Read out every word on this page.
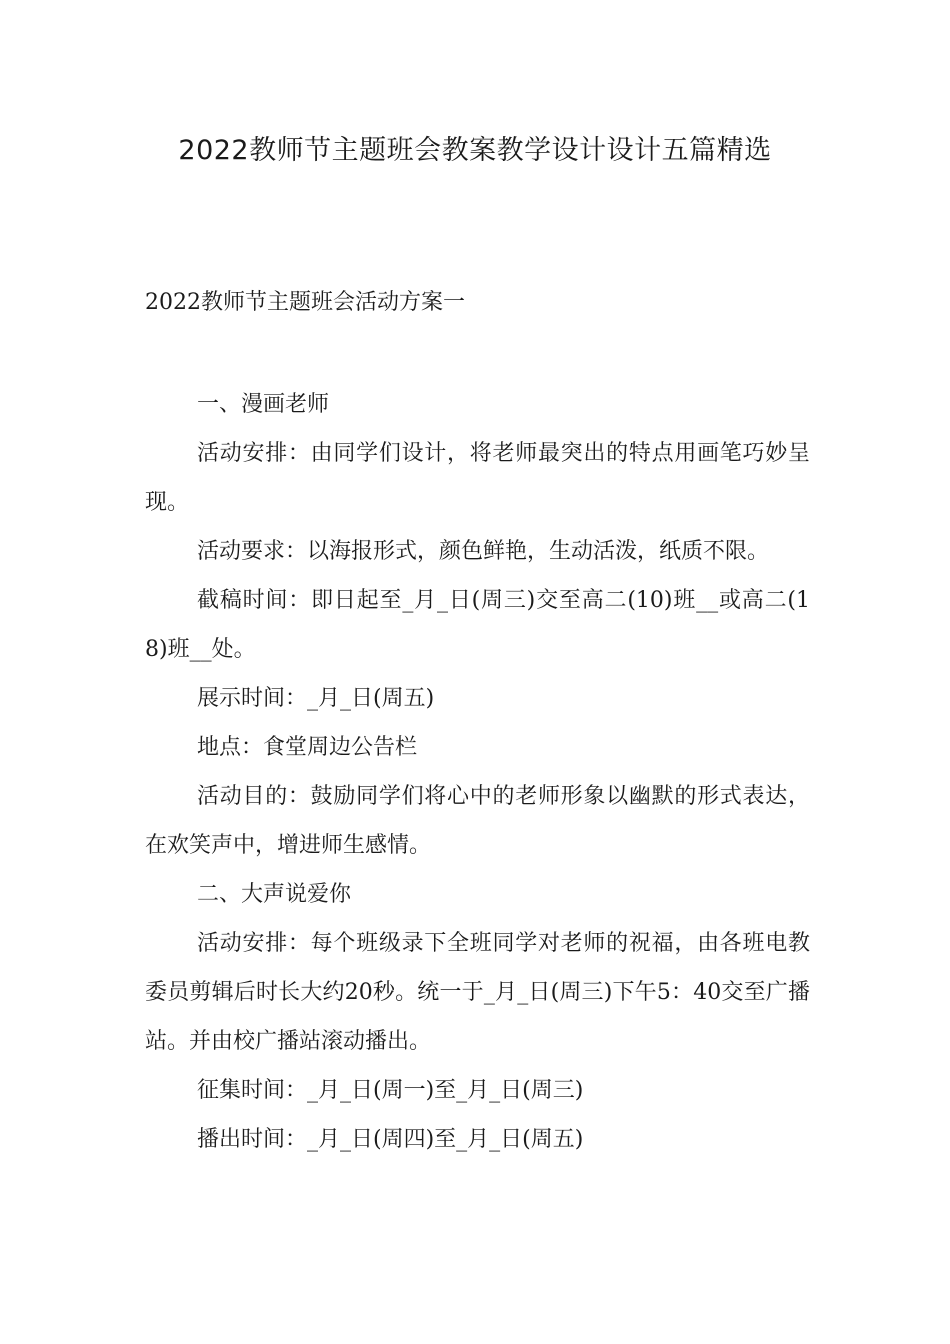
2022教师节主题班会教案教学设计设计五篇精选
2022教师节主题班会活动方案一

一、漫画老师

活动安排：由同学们设计，将老师最突出的特点用画笔巧妙呈现。

活动要求：以海报形式，颜色鲜艳，生动活泼，纸质不限。

截稿时间：即日起至_月_日(周三)交至高二(10)班__或高二(18)班__处。

展示时间：_月_日(周五)

地点：食堂周边公告栏

活动目的：鼓励同学们将心中的老师形象以幽默的形式表达，在欢笑声中，增进师生感情。

二、大声说爱你

活动安排：每个班级录下全班同学对老师的祝福，由各班电教委员剪辑后时长大约20秒。统一于_月_日(周三)下午5：40交至广播站。并由校广播站滚动播出。

征集时间：_月_日(周一)至_月_日(周三)

播出时间：_月_日(周四)至_月_日(周五)
